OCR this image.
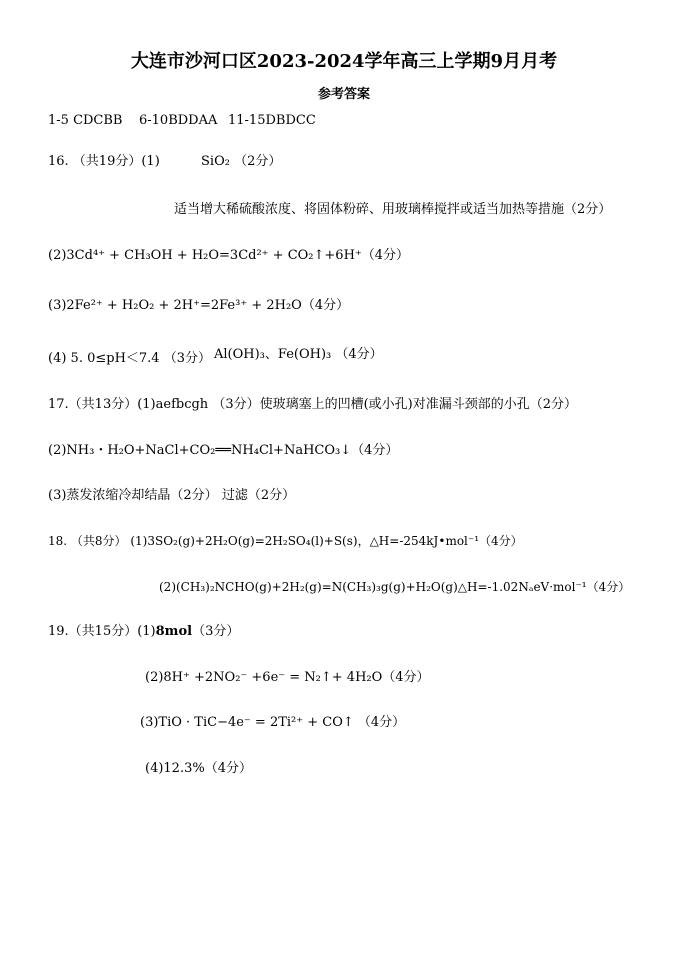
大连市沙河口区2023-2024学年高三上学期9月月考
参考答案
1-5 CDCBB 6-10BDDAA 11-15DBDCC
16. （共19分）(1)	SiO₂ （2分）
适当增大稀硫酸浓度、将固体粉碎、用玻璃棒搅拌或适当加热等措施（2分）
(2)3Cd⁴⁺ + CH₃OH + H₂O=3Cd²⁺ + CO₂↑+6H⁺（4分）
(3)2Fe²⁺ + H₂O₂ + 2H⁺=2Fe³⁺ + 2H₂O（4分）
(4) 5. 0≤pH＜7.4 （3分） Al(OH)₃、Fe(OH)₃ （4分）
17.（共13分）(1)aefbcgh （3分）使玻璃塞上的凹槽(或小孔)对准漏斗颈部的小孔（2分）
(2)NH₃・H₂O+NaCl+CO₂══NH₄Cl+NaHCO₃↓（4分）
(3)蒸发浓缩冷却结晶（2分） 过滤（2分）
18. （共8分） (1)3SO₂(g)+2H₂O(g)=2H₂SO₄(l)+S(s)，△H=-254kJ•mol⁻¹（4分）
(2)(CH₃)₂NCHO(g)+2H₂(g)=N(CH₃)₃g(g)+H₂O(g)△H=-1.02NₐeV·mol⁻¹（4分）
19.（共15分）(1)8mol（3分）
(2)8H⁺ +2NO₂⁻ +6e⁻ = N₂↑+ 4H₂O（4分）
(3)TiO · TiC−4e⁻ = 2Ti²⁺ + CO↑ （4分）
(4)12.3%（4分）
